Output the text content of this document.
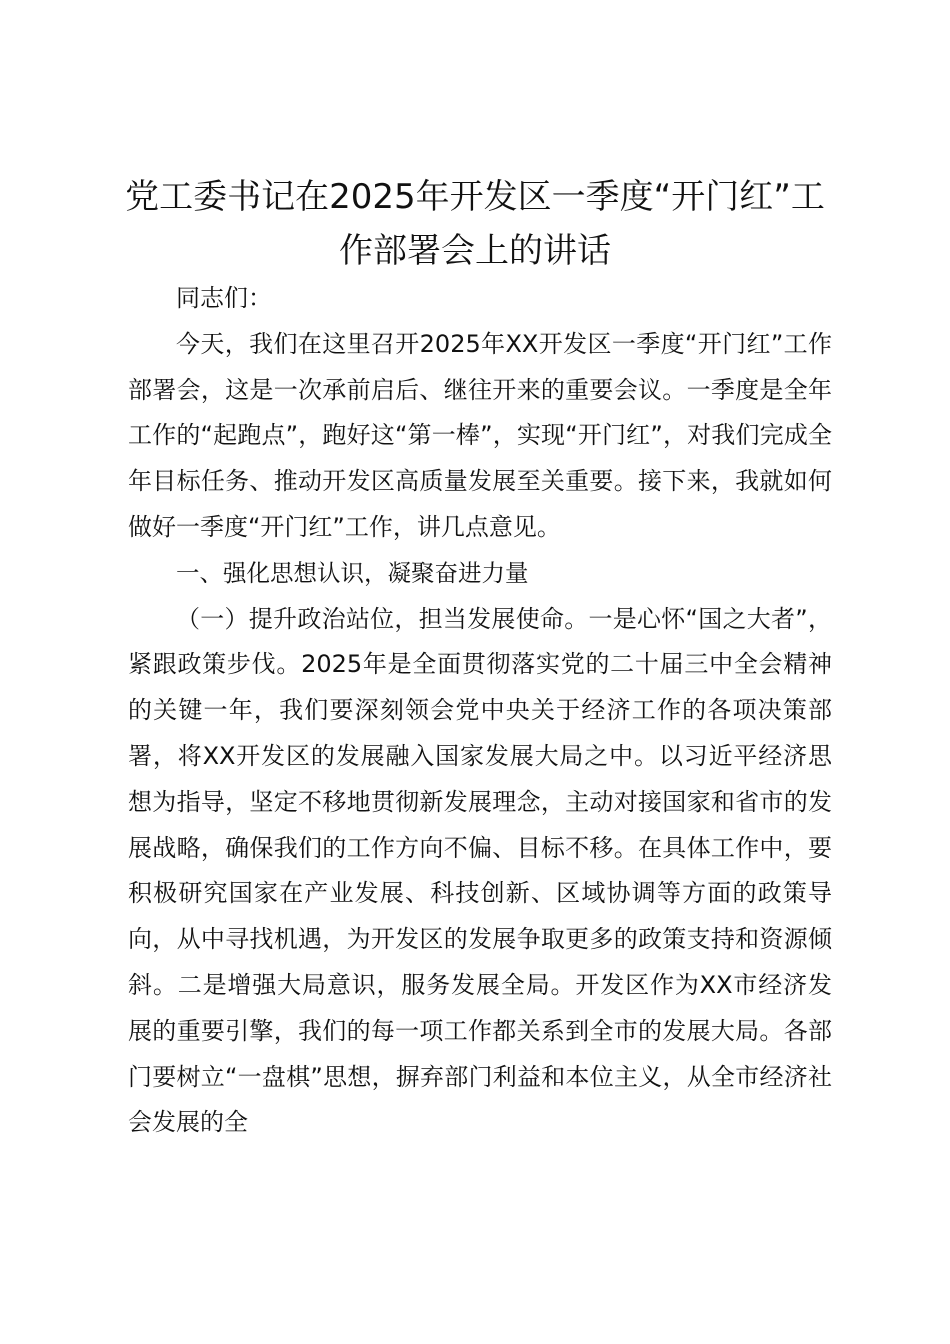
党工委书记在2025年开发区一季度“开门红”工作部署会上的讲话

同志们：

今天，我们在这里召开2025年XX开发区一季度“开门红”工作部署会，这是一次承前启后、继往开来的重要会议。一季度是全年工作的“起跑点”，跑好这“第一棒”，实现“开门红”，对我们完成全年目标任务、推动开发区高质量发展至关重要。接下来，我就如何做好一季度“开门红”工作，讲几点意见。

一、强化思想认识，凝聚奋进力量

（一）提升政治站位，担当发展使命。一是心怀“国之大者”，紧跟政策步伐。2025年是全面贯彻落实党的二十届三中全会精神的关键一年，我们要深刻领会党中央关于经济工作的各项决策部署，将XX开发区的发展融入国家发展大局之中。以习近平经济思想为指导，坚定不移地贯彻新发展理念，主动对接国家和省市的发展战略，确保我们的工作方向不偏、目标不移。在具体工作中，要积极研究国家在产业发展、科技创新、区域协调等方面的政策导向，从中寻找机遇，为开发区的发展争取更多的政策支持和资源倾斜。二是增强大局意识，服务发展全局。开发区作为XX市经济发展的重要引擎，我们的每一项工作都关系到全市的发展大局。各部门要树立“一盘棋”思想，摒弃部门利益和本位主义，从全市经济社会发展的全
